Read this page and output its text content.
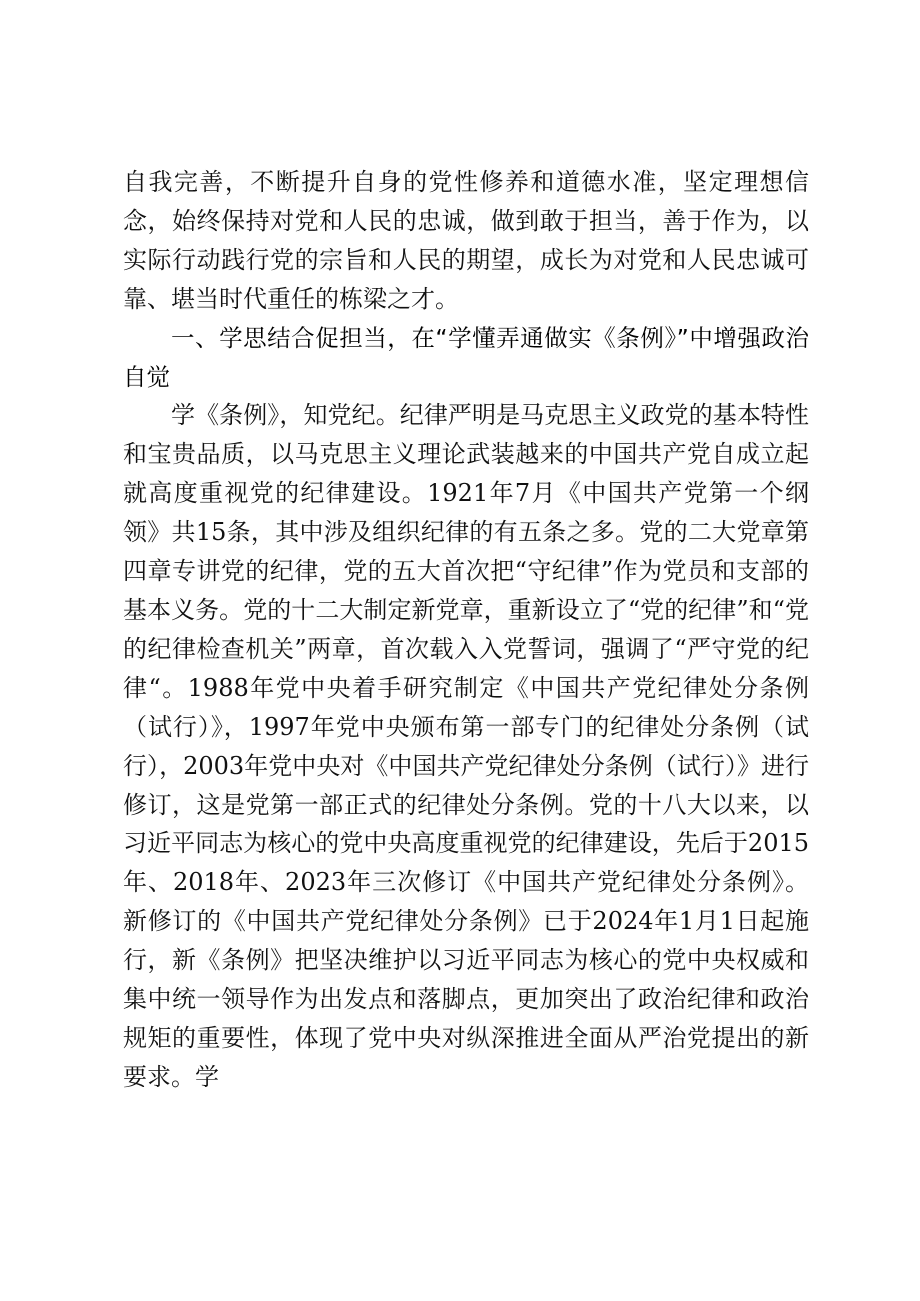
自我完善，不断提升自身的党性修养和道德水准，坚定理想信念，始终保持对党和人民的忠诚，做到敢于担当，善于作为，以实际行动践行党的宗旨和人民的期望，成长为对党和人民忠诚可靠、堪当时代重任的栋梁之才。

一、学思结合促担当，在“学懂弄通做实《条例》”中增强政治自觉

学《条例》，知党纪。纪律严明是马克思主义政党的基本特性和宝贵品质，以马克思主义理论武装越来的中国共产党自成立起就高度重视党的纪律建设。1921年7月《中国共产党第一个纲领》共15条，其中涉及组织纪律的有五条之多。党的二大党章第四章专讲党的纪律，党的五大首次把“守纪律”作为党员和支部的基本义务。党的十二大制定新党章，重新设立了“党的纪律”和“党的纪律检查机关”两章，首次载入入党誓词，强调了“严守党的纪律“。1988年党中央着手研究制定《中国共产党纪律处分条例（试行）》，1997年党中央颁布第一部专门的纪律处分条例（试行），2003年党中央对《中国共产党纪律处分条例（试行）》进行修订，这是党第一部正式的纪律处分条例。党的十八大以来，以习近平同志为核心的党中央高度重视党的纪律建设，先后于2015年、2018年、2023年三次修订《中国共产党纪律处分条例》。新修订的《中国共产党纪律处分条例》已于2024年1月1日起施行，新《条例》把坚决维护以习近平同志为核心的党中央权威和集中统一领导作为出发点和落脚点，更加突出了政治纪律和政治规矩的重要性，体现了党中央对纵深推进全面从严治党提出的新要求。学
